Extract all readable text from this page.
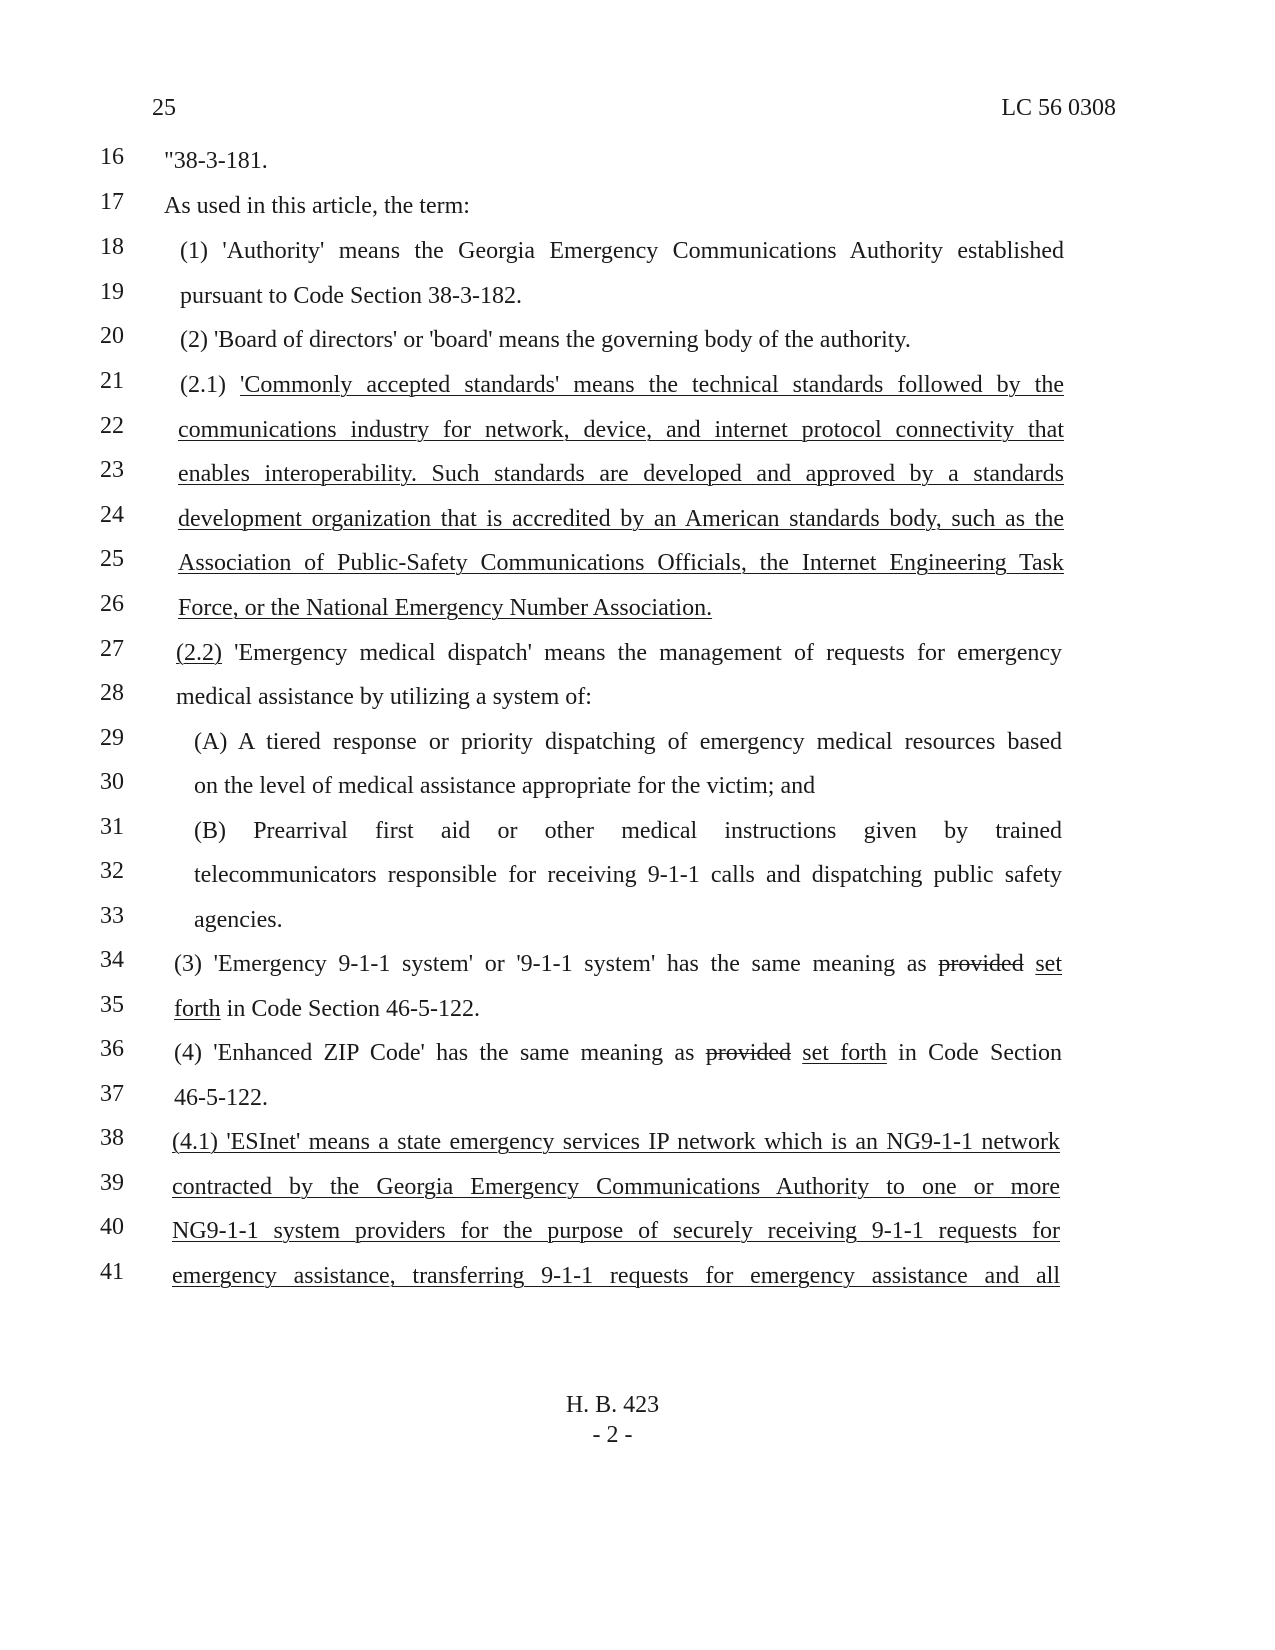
25	LC 56 0308
16
17
18
19
20
21
22
23
24
25
26
27
28
29
30
31
32
33
34
35
36
37
38
39
40
41
"38-3-181.
As used in this article, the term:
(1) 'Authority' means the Georgia Emergency Communications Authority established
pursuant to Code Section 38-3-182.
(2) 'Board of directors' or 'board' means the governing body of the authority.
(2.1) 'Commonly accepted standards' means the technical standards followed by the
communications industry for network, device, and internet protocol connectivity that
enables interoperability. Such standards are developed and approved by a standards
development organization that is accredited by an American standards body, such as the
Association of Public-Safety Communications Officials, the Internet Engineering Task
Force, or the National Emergency Number Association.
(2.2) 'Emergency medical dispatch' means the management of requests for emergency
medical assistance by utilizing a system of:
(A) A tiered response or priority dispatching of emergency medical resources based
on the level of medical assistance appropriate for the victim; and
(B) Prearrival first aid or other medical instructions given by trained
telecommunicators responsible for receiving 9-1-1 calls and dispatching public safety
agencies.
(3) 'Emergency 9-1-1 system' or '9-1-1 system' has the same meaning as provided set
forth in Code Section 46-5-122.
(4) 'Enhanced ZIP Code' has the same meaning as provided set forth in Code Section
46-5-122.
(4.1) 'ESInet' means a state emergency services IP network which is an NG9-1-1 network
contracted by the Georgia Emergency Communications Authority to one or more
NG9-1-1 system providers for the purpose of securely receiving 9-1-1 requests for
emergency assistance, transferring 9-1-1 requests for emergency assistance and all
H. B. 423
- 2 -
